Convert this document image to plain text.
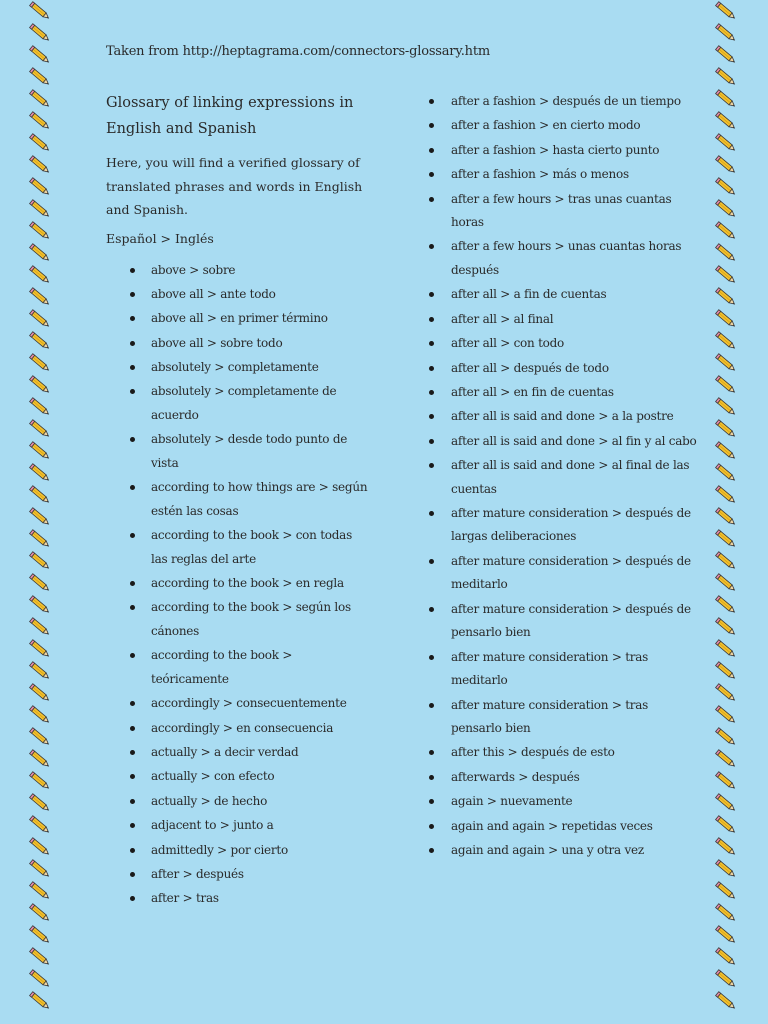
Taken from http://heptagrama.com/connectors-glossary.htm
Glossary of linking expressions in English and Spanish

Here, you will find a verified glossary of translated phrases and words in English and Spanish.

Español > Inglés

above > sobre
above all > ante todo
above all > en primer término
above all > sobre todo
absolutely > completamente
absolutely > completamente de acuerdo
absolutely > desde todo punto de vista
according to how things are > según estén las cosas
according to the book > con todas las reglas del arte
according to the book > en regla
according to the book > según los cánones
according to the book > teóricamente
accordingly > consecuentemente
accordingly > en consecuencia
actually > a decir verdad
actually > con efecto
actually > de hecho
adjacent to > junto a
admittedly > por cierto
after > después
after > tras
after a fashion > después de un tiempo
after a fashion > en cierto modo
after a fashion > hasta cierto punto
after a fashion > más o menos
after a few hours > tras unas cuantas horas
after a few hours > unas cuantas horas después
after all > a fin de cuentas
after all > al final
after all > con todo
after all > después de todo
after all > en fin de cuentas
after all is said and done > a la postre
after all is said and done > al fin y al cabo
after all is said and done > al final de las cuentas
after mature consideration > después de largas deliberaciones
after mature consideration > después de meditarlo
after mature consideration > después de pensarlo bien
after mature consideration > tras meditarlo
after mature consideration > tras pensarlo bien
after this > después de esto
afterwards > después
again > nuevamente
again and again > repetidas veces
again and again > una y otra vez
